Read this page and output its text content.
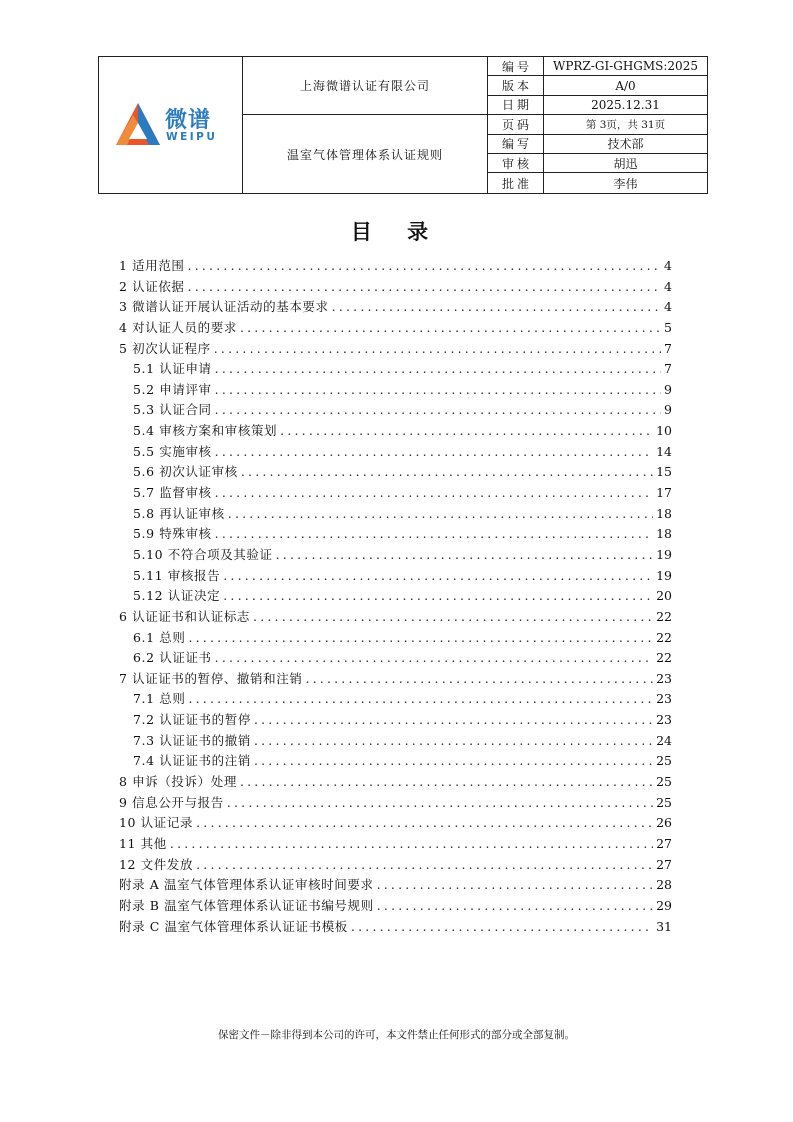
微谱
WEIPU
上海微谱认证有限公司
温室气体管理体系认证规则
编号	WPRZ-GI-GHGMS:2025
版本	A/0
日期	2025.12.31
页码	第 3页，共 31页
编写	技术部
审核	胡迅
批准	李伟
目 录
1 适用范围 .....	4
2 认证依据 .....	4
3 微谱认证开展认证活动的基本要求 .....	4
4 对认证人员的要求 .....	5
5 初次认证程序 .....	7
5.1 认证申请 .....	7
5.2 申请评审 .....	9
5.3 认证合同 .....	9
5.4 审核方案和审核策划 .....	10
5.5 实施审核 .....	14
5.6 初次认证审核 .....	15
5.7 监督审核 .....	17
5.8 再认证审核 .....	18
5.9 特殊审核 .....	18
5.10 不符合项及其验证 .....	19
5.11 审核报告 .....	19
5.12 认证决定 .....	20
6 认证证书和认证标志 .....	22
6.1 总则 .....	22
6.2 认证证书 .....	22
7 认证证书的暂停、撤销和注销 .....	23
7.1 总则 .....	23
7.2 认证证书的暂停 .....	23
7.3 认证证书的撤销 .....	24
7.4 认证证书的注销 .....	25
8 申诉（投诉）处理 .....	25
9 信息公开与报告 .....	25
10 认证记录 .....	26
11 其他 .....	27
12 文件发放 .....	27
附录 A 温室气体管理体系认证审核时间要求 .....	28
附录 B 温室气体管理体系认证证书编号规则 .....	29
附录 C 温室气体管理体系认证证书模板 .....	31
保密文件－除非得到本公司的许可，本文件禁止任何形式的部分或全部复制。
